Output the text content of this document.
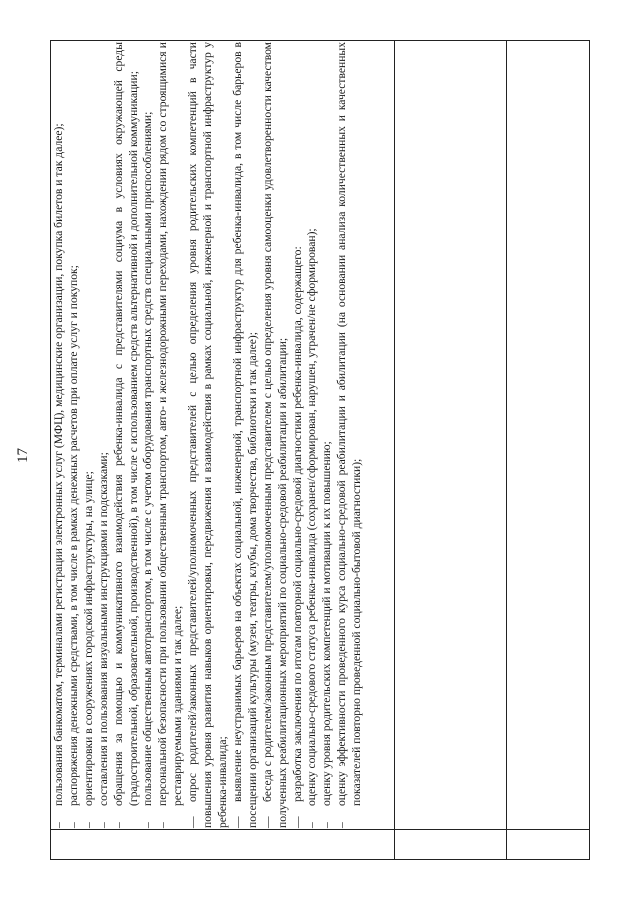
17
–
пользования банкоматом, терминалами регистрации электронных услуг (МФЦ), медицинские организации, покупка билетов и так далее);
–
распоряжения денежными средствами, в том числе в рамках денежных расчетов при оплате услуг и покупок;
–
ориентировки в сооружениях городской инфраструктуры, на улице;
–
составления и пользования визуальными инструкциями и подсказками;
–
обращения за помощью и коммуникативного взаимодействия ребенка-инвалида с представителями социума в условиях окружающей среды (градостроительной, образовательной, производственной), в том числе с использованием средств альтернативной и дополнительной коммуникации;
–
пользование общественным автотранспортом, в том числе с учетом оборудования транспортных средств специальными приспособлениями;
–
персональной безопасности при пользовании общественным транспортом, авто- и железнодорожными переходами, нахождении рядом со строящимися и реставрируемыми зданиями и так далее;
—опрос родителей/законных представителей/уполномоченных представителей с целью определения уровня родительских компетенций в части повышения уровня развития навыков ориентировки, передвижения и взаимодействия в рамках социальной, инженерной и транспортной инфраструктур у ребенка-инвалида; —выявление неустранимых барьеров на объектах социальной, инженерной, транспортной инфраструктур для ребенка-инвалида, в том числе барьеров в посещении организаций культуры (музеи, театры, клубы, дома творчества, библиотеки и так далее); —беседа с родителем/законным представителем/уполномоченным представителем с целью определения уровня самооценки удовлетворенности качеством полученных реабилитационных мероприятий по социально-средовой реабилитации и абилитации; —разработка заключения по итогам повторной социально-средовой диагностики ребенка-инвалида, содержащего:
–
оценку социально-средового статуса ребенка-инвалида (сохранен/сформирован, нарушен, утрачен/не сформирован);
–
оценку уровня родительских компетенций и мотивации к их повышению;
–
оценку эффективности проведенного курса социально-средовой реабилитации и абилитации (на основании анализа количественных и качественных показателей повторно проведенной социально-бытовой диагностики);
